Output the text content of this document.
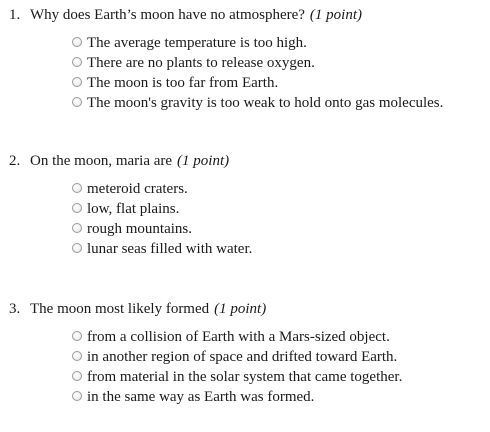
1. Why does Earth’s moon have no atmosphere? (1 point)
The average temperature is too high.
There are no plants to release oxygen.
The moon is too far from Earth.
The moon's gravity is too weak to hold onto gas molecules.
2. On the moon, maria are (1 point)
meteroid craters.
low, flat plains.
rough mountains.
lunar seas filled with water.
3. The moon most likely formed (1 point)
from a collision of Earth with a Mars-sized object.
in another region of space and drifted toward Earth.
from material in the solar system that came together.
in the same way as Earth was formed.
